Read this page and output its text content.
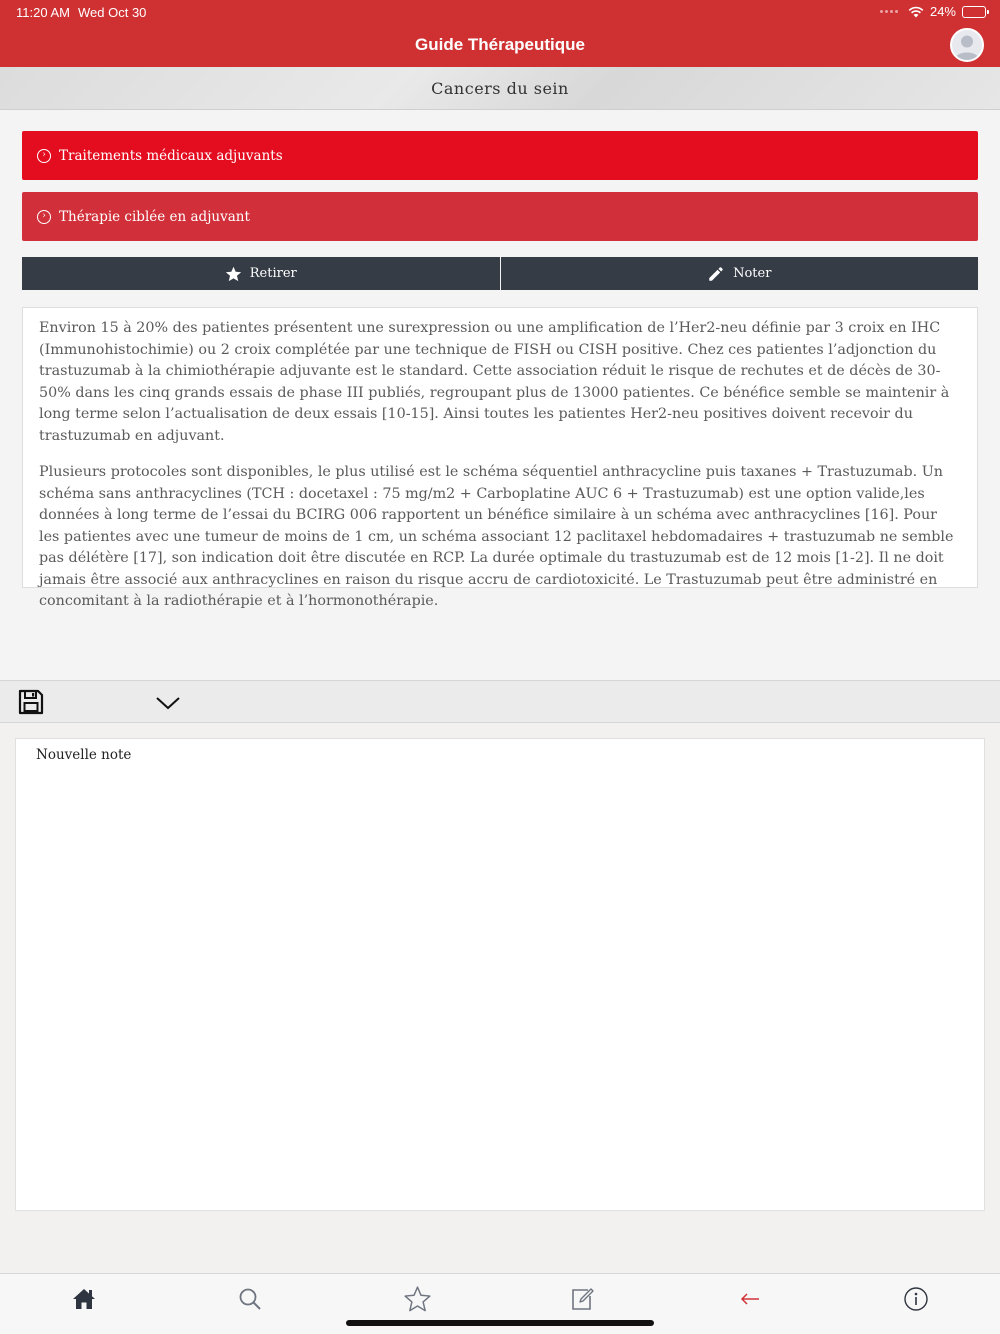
11:20 AM Wed Oct 30	24%
Guide Thérapeutique
Cancers du sein
› Traitements médicaux adjuvants
› Thérapie ciblée en adjuvant
Retirer	Noter

Environ 15 à 20% des patientes présentent une surexpression ou une amplification de l’Her2-neu définie par 3 croix en IHC (Immunohistochimie) ou 2 croix complétée par une technique de FISH ou CISH positive. Chez ces patientes l’adjonction du trastuzumab à la chimiothérapie adjuvante est le standard. Cette association réduit le risque de rechutes et de décès de 30-50% dans les cinq grands essais de phase III publiés, regroupant plus de 13000 patientes. Ce bénéfice semble se maintenir à long terme selon l’actualisation de deux essais [10-15]. Ainsi toutes les patientes Her2-neu positives doivent recevoir du trastuzumab en adjuvant.

Plusieurs protocoles sont disponibles, le plus utilisé est le schéma séquentiel anthracycline puis taxanes + Trastuzumab. Un schéma sans anthracyclines (TCH : docetaxel : 75 mg/m2 + Carboplatine AUC 6 + Trastuzumab) est une option valide,les données à long terme de l’essai du BCIRG 006 rapportent un bénéfice similaire à un schéma avec anthracyclines [16]. Pour les patientes avec une tumeur de moins de 1 cm, un schéma associant 12 paclitaxel hebdomadaires + trastuzumab ne semble pas délétère [17], son indication doit être discutée en RCP. La durée optimale du trastuzumab est de 12 mois [1-2]. Il ne doit jamais être associé aux anthracyclines en raison du risque accru de cardiotoxicité. Le Trastuzumab peut être administré en concomitant à la radiothérapie et à l’hormonothérapie.

Nouvelle note
